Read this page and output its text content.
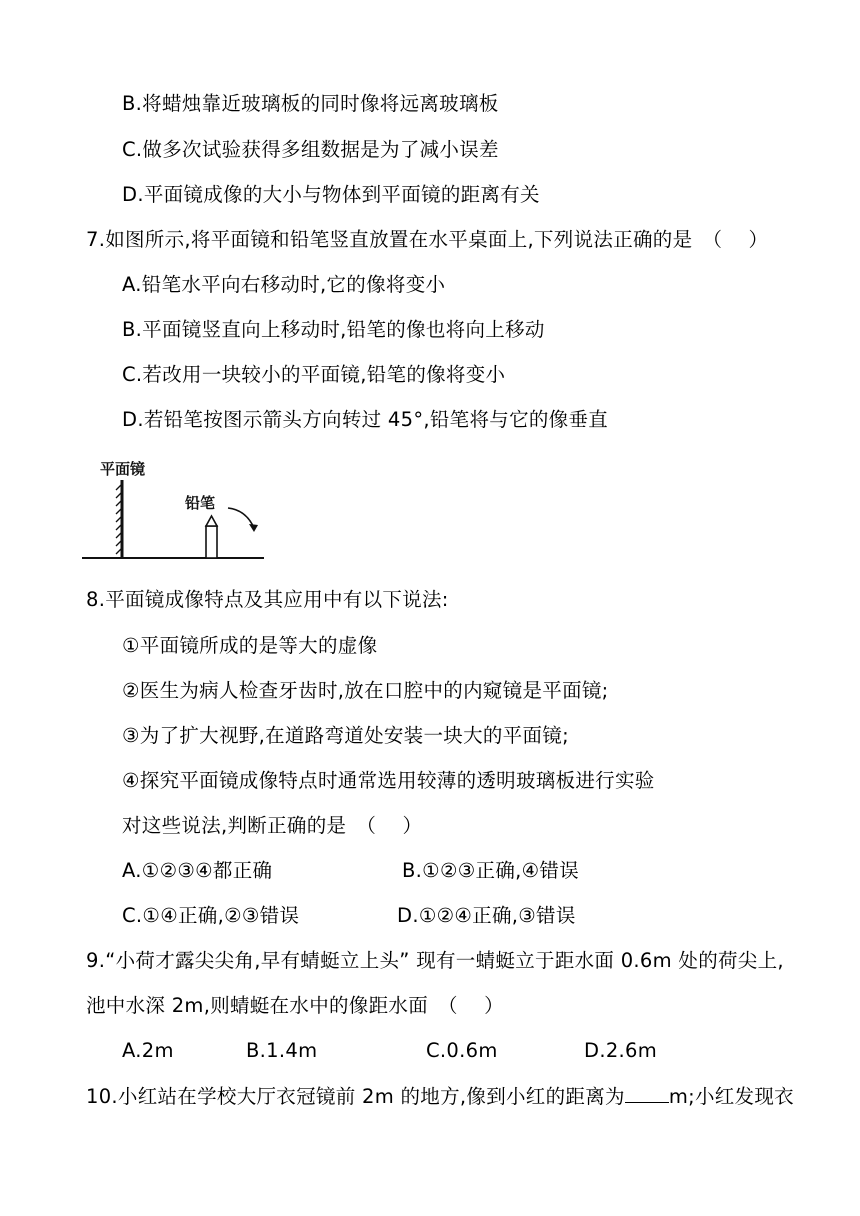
B.将蜡烛靠近玻璃板的同时像将远离玻璃板
C.做多次试验获得多组数据是为了减小误差
D.平面镜成像的大小与物体到平面镜的距离有关
7.如图所示,将平面镜和铅笔竖直放置在水平桌面上,下列说法正确的是　（　 ）
A.铅笔水平向右移动时,它的像将变小
B.平面镜竖直向上移动时,铅笔的像也将向上移动
C.若改用一块较小的平面镜,铅笔的像将变小
D.若铅笔按图示箭头方向转过 45°,铅笔将与它的像垂直
平面镜
铅笔
8.平面镜成像特点及其应用中有以下说法:
①平面镜所成的是等大的虚像
②医生为病人检查牙齿时,放在口腔中的内窥镜是平面镜;
③为了扩大视野,在道路弯道处安装一块大的平面镜;
④探究平面镜成像特点时通常选用较薄的透明玻璃板进行实验
对这些说法,判断正确的是　（　 ）
A.①②③④都正确	B.①②③正确,④错误
C.①④正确,②③错误	D.①②④正确,③错误
9.“小荷才露尖尖角,早有蜻蜓立上头” 现有一蜻蜓立于距水面 0.6m 处的荷尖上,
池中水深 2m,则蜻蜓在水中的像距水面　（　 ）
A.2m	B.1.4m	C.0.6m	D.2.6m
10.小红站在学校大厅衣冠镜前 2m 的地方,像到小红的距离为 m;小红发现衣
